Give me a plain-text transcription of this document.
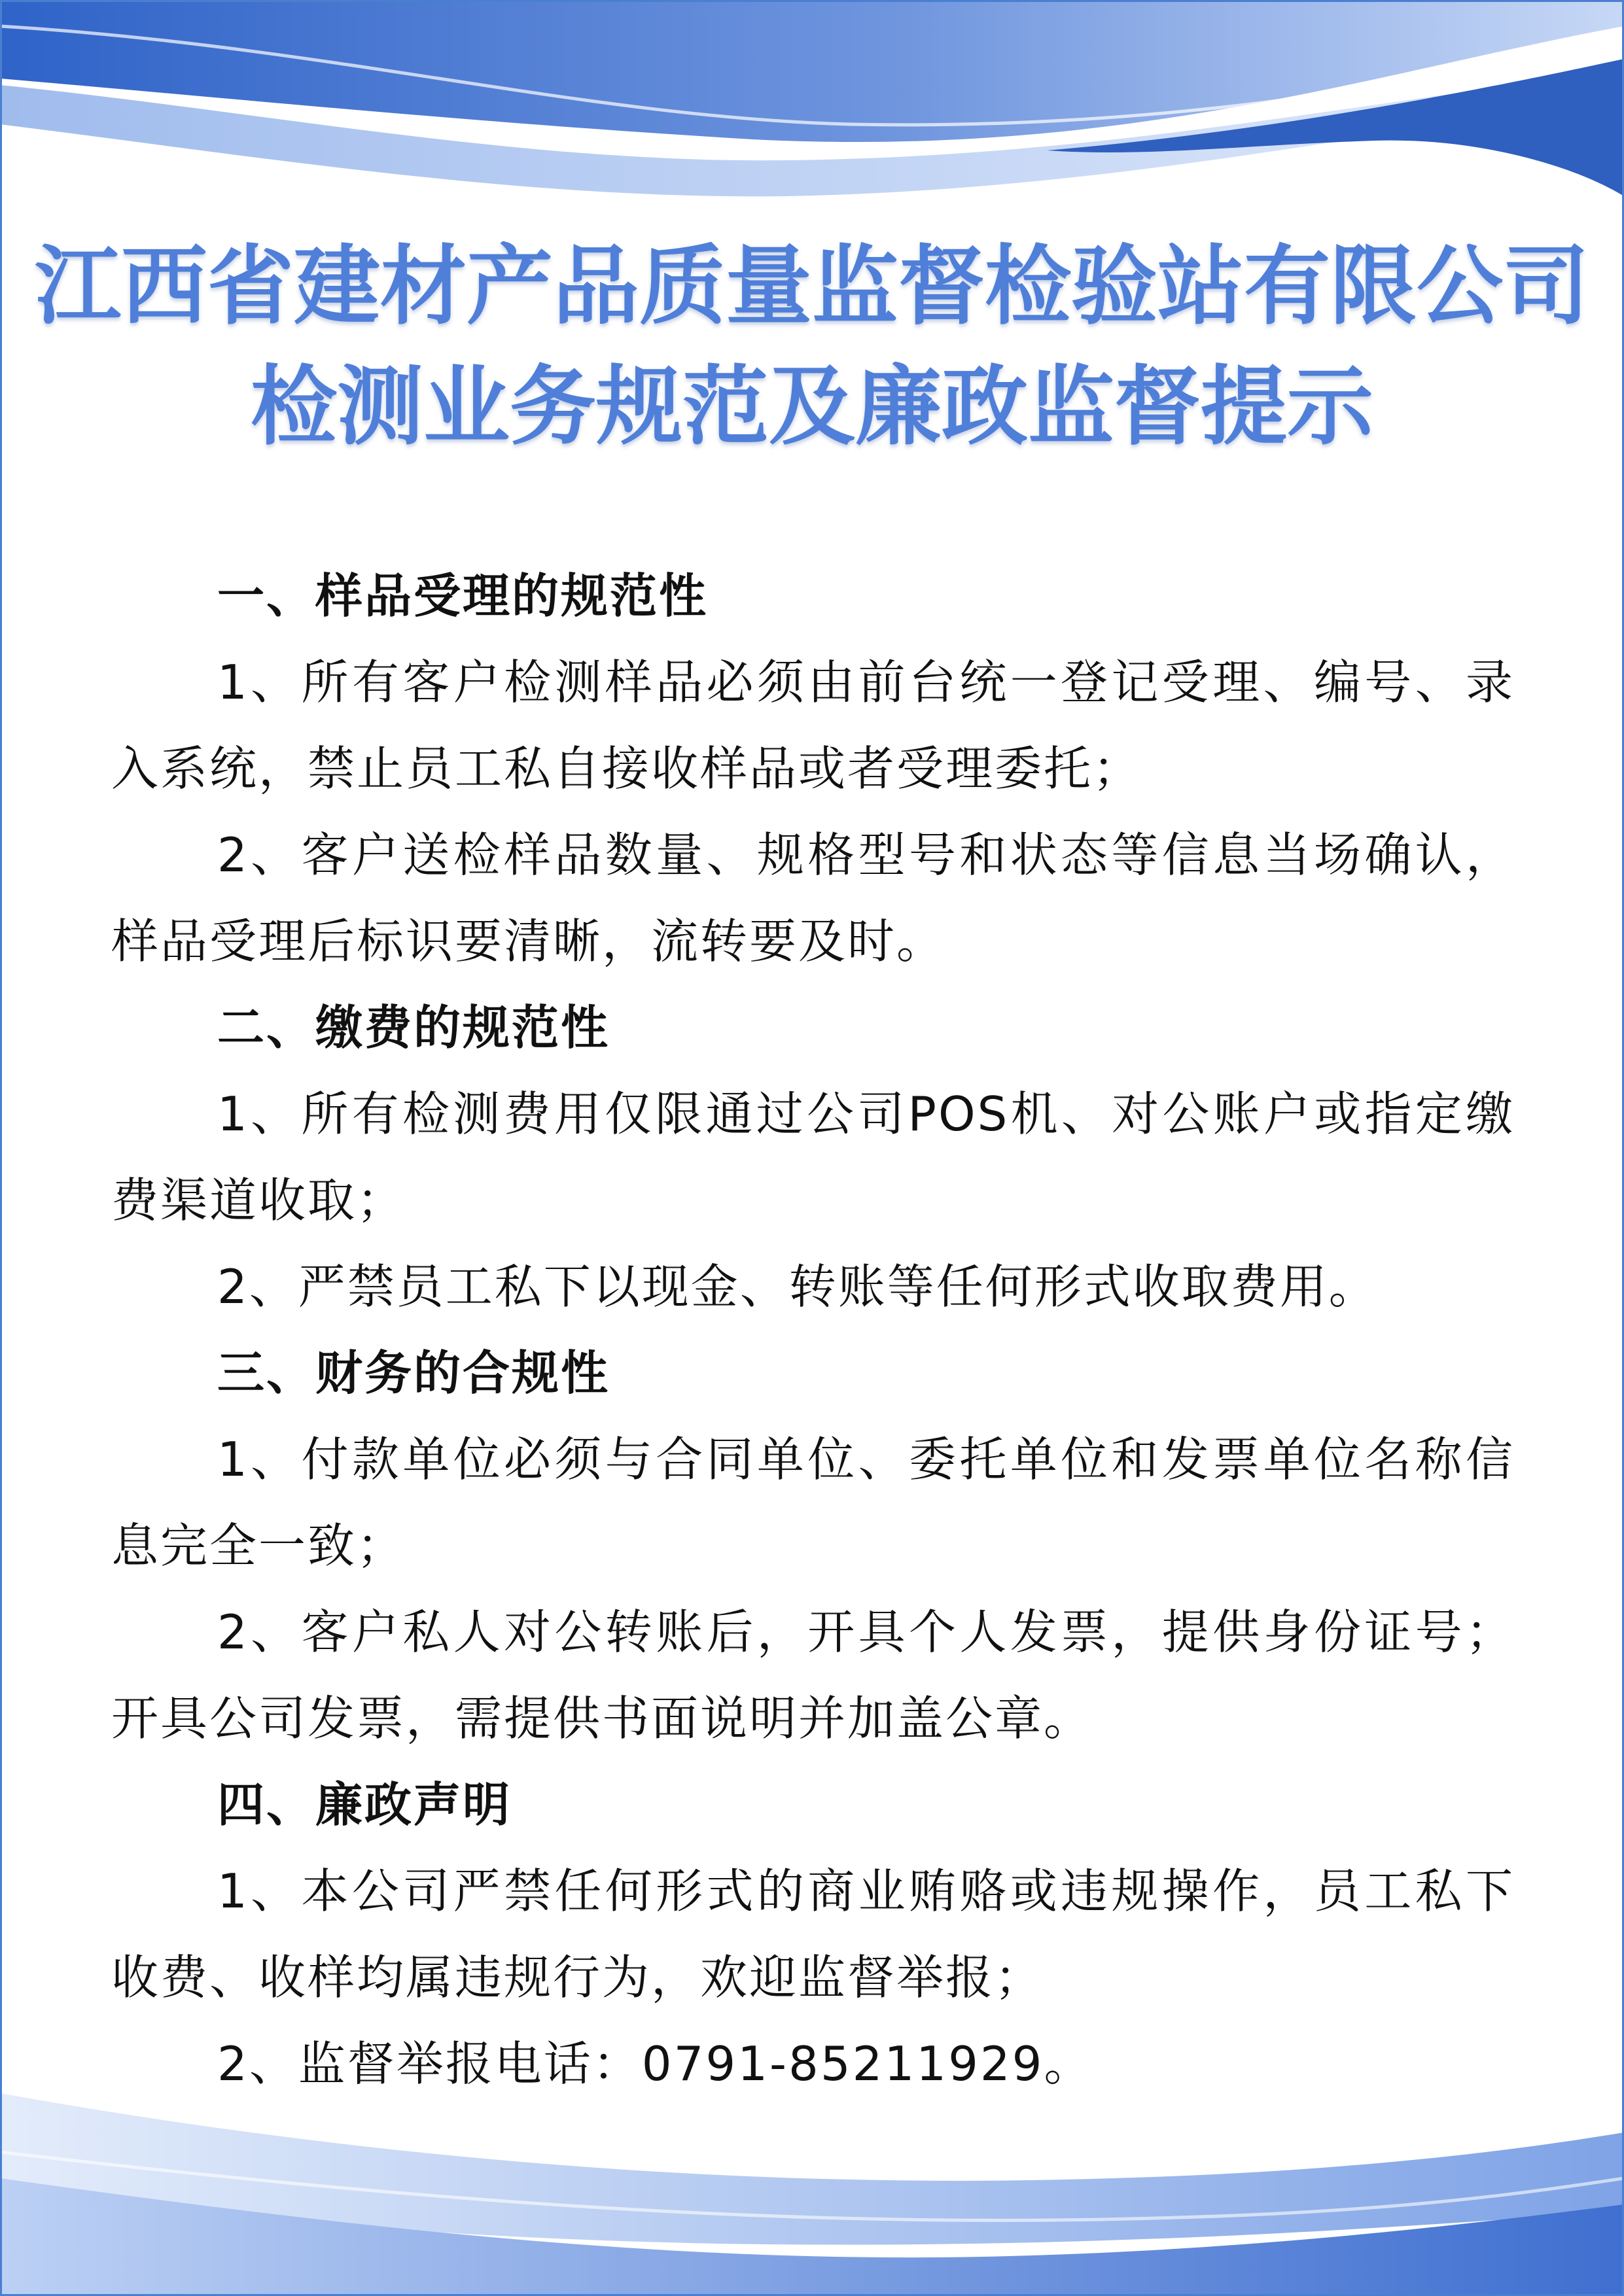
江西省建材产品质量监督检验站有限公司
检测业务规范及廉政监督提示

一、样品受理的规范性

1、所有客户检测样品必须由前台统一登记受理、编号、录入系统，禁止员工私自接收样品或者受理委托；

2、客户送检样品数量、规格型号和状态等信息当场确认，样品受理后标识要清晰，流转要及时。

二、缴费的规范性

1、所有检测费用仅限通过公司POS机、对公账户或指定缴费渠道收取；

2、严禁员工私下以现金、转账等任何形式收取费用。

三、财务的合规性

1、付款单位必须与合同单位、委托单位和发票单位名称信息完全一致；

2、客户私人对公转账后，开具个人发票，提供身份证号；开具公司发票，需提供书面说明并加盖公章。

四、廉政声明

1、本公司严禁任何形式的商业贿赂或违规操作，员工私下收费、收样均属违规行为，欢迎监督举报；

2、监督举报电话：0791-85211929。
